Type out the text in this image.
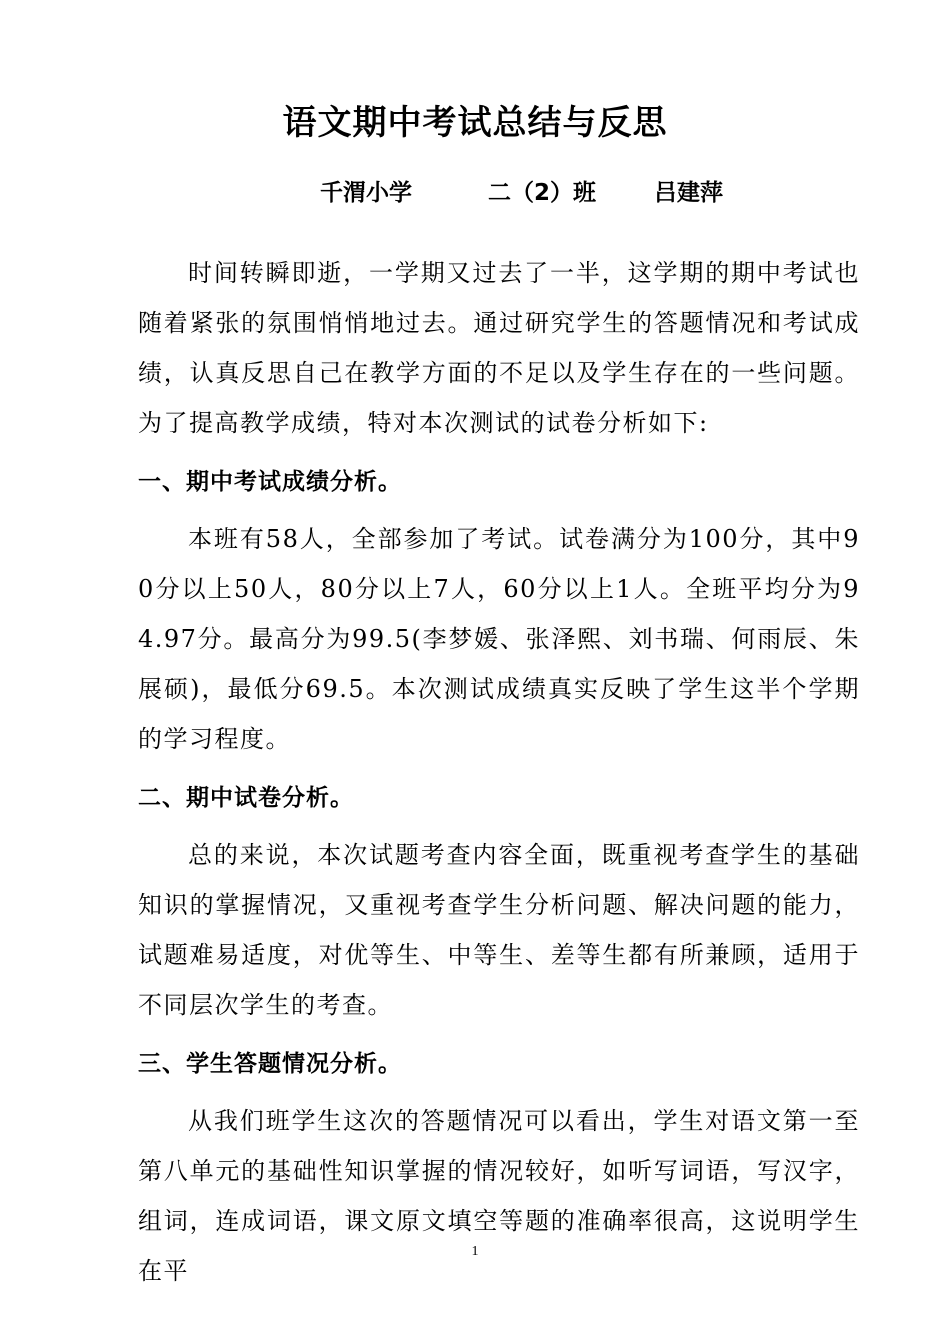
语文期中考试总结与反思
千渭小学	二（2）班	吕建萍

时间转瞬即逝，一学期又过去了一半，这学期的期中考试也随着紧张的氛围悄悄地过去。通过研究学生的答题情况和考试成绩，认真反思自己在教学方面的不足以及学生存在的一些问题。为了提高教学成绩，特对本次测试的试卷分析如下:

一、期中考试成绩分析。

本班有58人，全部参加了考试。试卷满分为100分，其中90分以上50人，80分以上7人，60分以上1人。全班平均分为94.97分。最高分为99.5(李梦媛、张泽熙、刘书瑞、何雨辰、朱展硕)，最低分69.5。本次测试成绩真实反映了学生这半个学期的学习程度。

二、期中试卷分析。

总的来说，本次试题考查内容全面，既重视考查学生的基础知识的掌握情况，又重视考查学生分析问题、解决问题的能力，试题难易适度，对优等生、中等生、差等生都有所兼顾，适用于不同层次学生的考查。

三、学生答题情况分析。

从我们班学生这次的答题情况可以看出，学生对语文第一至第八单元的基础性知识掌握的情况较好，如听写词语，写汉字，组词，连成词语，课文原文填空等题的准确率很高，这说明学生在平

1
